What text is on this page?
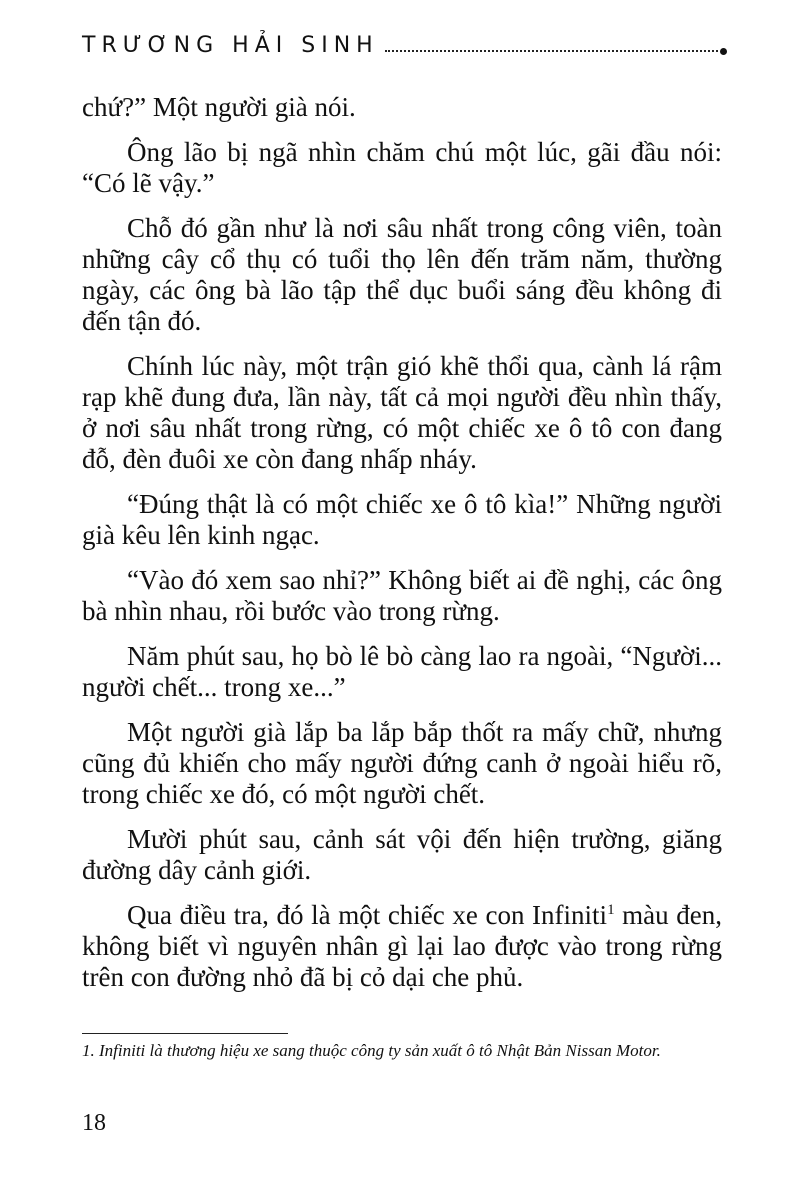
TRƯƠNG HẢI SINH

chứ?” Một người già nói.

Ông lão bị ngã nhìn chăm chú một lúc, gãi đầu nói: “Có lẽ vậy.”

Chỗ đó gần như là nơi sâu nhất trong công viên, toàn những cây cổ thụ có tuổi thọ lên đến trăm năm, thường ngày, các ông bà lão tập thể dục buổi sáng đều không đi đến tận đó.

Chính lúc này, một trận gió khẽ thổi qua, cành lá rậm rạp khẽ đung đưa, lần này, tất cả mọi người đều nhìn thấy, ở nơi sâu nhất trong rừng, có một chiếc xe ô tô con đang đỗ, đèn đuôi xe còn đang nhấp nháy.

“Đúng thật là có một chiếc xe ô tô kìa!” Những người già kêu lên kinh ngạc.

“Vào đó xem sao nhỉ?” Không biết ai đề nghị, các ông bà nhìn nhau, rồi bước vào trong rừng.

Năm phút sau, họ bò lê bò càng lao ra ngoài, “Người... người chết... trong xe...”

Một người già lắp ba lắp bắp thốt ra mấy chữ, nhưng cũng đủ khiến cho mấy người đứng canh ở ngoài hiểu rõ, trong chiếc xe đó, có một người chết.

Mười phút sau, cảnh sát vội đến hiện trường, giăng đường dây cảnh giới.

Qua điều tra, đó là một chiếc xe con Infiniti$^1$ màu đen, không biết vì nguyên nhân gì lại lao được vào trong rừng trên con đường nhỏ đã bị cỏ dại che phủ.

1. Infiniti là thương hiệu xe sang thuộc công ty sản xuất ô tô Nhật Bản Nissan Motor.
18
